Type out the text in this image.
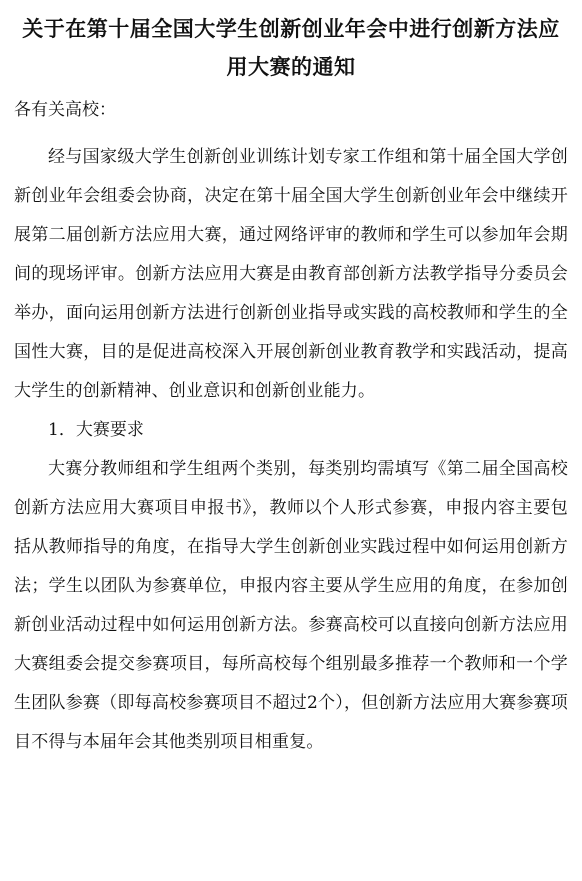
关于在第十届全国大学生创新创业年会中进行创新方法应
用大赛的通知

各有关高校：

经与国家级大学生创新创业训练计划专家工作组和第十届全国大学创新创业年会组委会协商，决定在第十届全国大学生创新创业年会中继续开展第二届创新方法应用大赛，通过网络评审的教师和学生可以参加年会期间的现场评审。创新方法应用大赛是由教育部创新方法教学指导分委员会举办，面向运用创新方法进行创新创业指导或实践的高校教师和学生的全国性大赛，目的是促进高校深入开展创新创业教育教学和实践活动，提高大学生的创新精神、创业意识和创新创业能力。

1．大赛要求

大赛分教师组和学生组两个类别，每类别均需填写《第二届全国高校创新方法应用大赛项目申报书》，教师以个人形式参赛，申报内容主要包括从教师指导的角度，在指导大学生创新创业实践过程中如何运用创新方法；学生以团队为参赛单位，申报内容主要从学生应用的角度，在参加创新创业活动过程中如何运用创新方法。参赛高校可以直接向创新方法应用大赛组委会提交参赛项目，每所高校每个组别最多推荐一个教师和一个学生团队参赛（即每高校参赛项目不超过2个），但创新方法应用大赛参赛项目不得与本届年会其他类别项目相重复。
